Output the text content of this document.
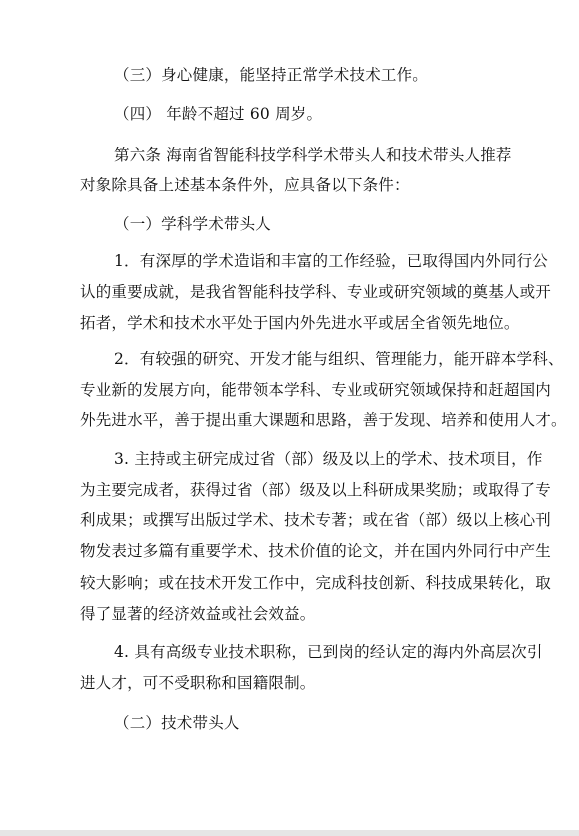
（三）身心健康，能坚持正常学术技术工作。
（四） 年龄不超过 60 周岁。
第六条 海南省智能科技学科学术带头人和技术带头人推荐
对象除具备上述基本条件外，应具备以下条件：
（一）学科学术带头人
1．有深厚的学术造诣和丰富的工作经验，已取得国内外同行公
认的重要成就，是我省智能科技学科、专业或研究领域的奠基人或开
拓者，学术和技术水平处于国内外先进水平或居全省领先地位。
2．有较强的研究、开发才能与组织、管理能力，能开辟本学科、
专业新的发展方向，能带领本学科、专业或研究领域保持和赶超国内
外先进水平，善于提出重大课题和思路，善于发现、培养和使用人才。
3. 主持或主研完成过省（部）级及以上的学术、技术项目，作
为主要完成者，获得过省（部）级及以上科研成果奖励；或取得了专
利成果；或撰写出版过学术、技术专著；或在省（部）级以上核心刊
物发表过多篇有重要学术、技术价值的论文，并在国内外同行中产生
较大影响；或在技术开发工作中，完成科技创新、科技成果转化，取
得了显著的经济效益或社会效益。
4. 具有高级专业技术职称，已到岗的经认定的海内外高层次引
进人才，可不受职称和国籍限制。
（二）技术带头人
